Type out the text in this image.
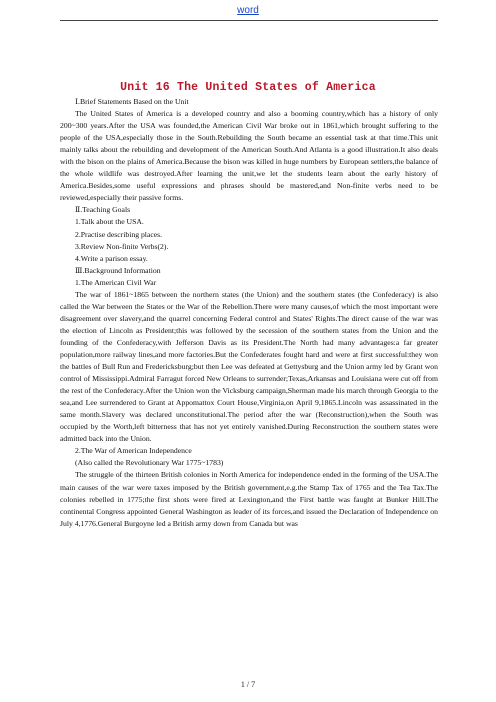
word
Unit 16 The United States of America

Ⅰ.Brief Statements Based on the Unit

The United States of America is a developed country and also a booming country,which has a history of only 200~300 years.After the USA was founded,the American Civil War broke out in 1861,which brought suffering to the people of the USA,especially those in the South.Rebuilding the South became an essential task at that time.This unit mainly talks about the rebuilding and development of the American South.And Atlanta is a good illustration.It also deals with the bison on the plains of America.Because the bison was killed in huge numbers by European settlers,the balance of the whole wildlife was destroyed.After learning the unit,we let the students learn about the early history of America.Besides,some useful expressions and phrases should be mastered,and Non-finite verbs need to be reviewed,especially their passive forms.

Ⅱ.Teaching Goals

1.Talk about the USA.

2.Practise describing places.

3.Review Non-finite Verbs(2).

4.Write a parison essay.

Ⅲ.Background Information

1.The American Civil War

The war of 1861~1865 between the northern states (the Union) and the southern states (the Confederacy) is also called the War between the States or the War of the Rebellion.There were many causes,of which the most important were disagreement over slavery,and the quarrel concerning Federal control and States' Rights.The direct cause of the war was the election of Lincoln as President;this was followed by the secession of the southern states from the Union and the founding of the Confederacy,with Jefferson Davis as its President.The North had many advantages:a far greater population,more railway lines,and more factories.But the Confederates fought hard and were at first successful:they won the battles of Bull Run and Fredericksburg;but then Lee was defeated at Gettysburg and the Union army led by Grant won control of Mississippi.Admiral Farragut forced New Orleans to surrender;Texas,Arkansas and Louisiana were cut off from the rest of the Confederacy.After the Union won the Vicksburg campaign,Sherman made his march through Georgia to the sea,and Lee surrendered to Grant at Appomattox Court House,Virginia,on April 9,1865.Lincoln was assassinated in the same month.Slavery was declared unconstitutional.The period after the war (Reconstruction),when the South was occupied by the Worth,left bitterness that has not yet entirely vanished.During Reconstruction the southern states were admitted back into the Union.

2.The War of American Independence

(Also called the Revolutionary War 1775~1783)

The struggle of the thirteen British colonies in North America for independence ended in the forming of the USA.The main causes of the war were taxes imposed by the British government,e.g.the Stamp Tax of 1765 and the Tea Tax.The colonies rebelled in 1775;the first shots were fired at Lexington,and the First battle was faught at Bunker Hill.The continental Congress appointed General Washington as leader of its forces,and issued the Declaration of Independence on July 4,1776.General Burgoyne led a British army down from Canada but was

1 / 7
